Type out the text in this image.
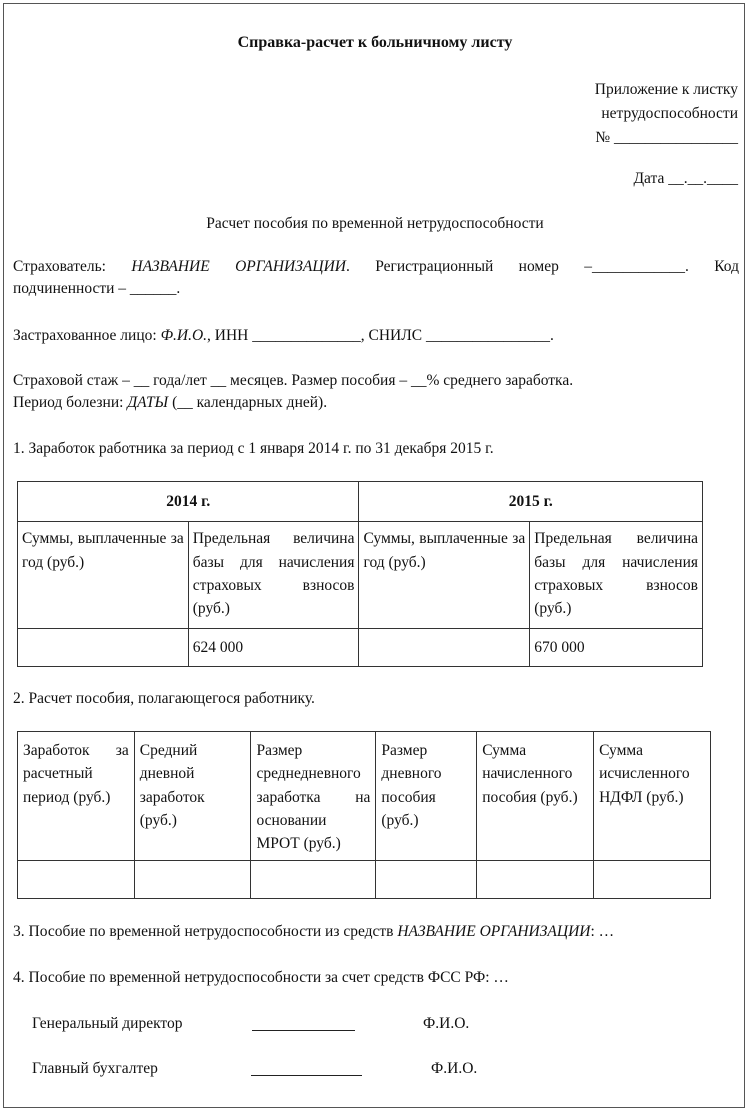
Справка-расчет к больничному листу
Приложение к листку
нетрудоспособности
№ ________________
Дата __.__.____
Расчет пособия по временной нетрудоспособности
Страхователь: НАЗВАНИЕ ОРГАНИЗАЦИИ. Регистрационный номер –____________. Код
подчиненности – ______.
Застрахованное лицо: Ф.И.О., ИНН ______________, СНИЛС ________________.
Страховой стаж – __ года/лет __ месяцев. Размер пособия – __% среднего заработка.
Период болезни: ДАТЫ (__ календарных дней).
1. Заработок работника за период с 1 января 2014 г. по 31 декабря 2015 г.
2014 г.		2015 г.	
Суммы, выплаченные за год (руб.)	Предельная величина базы для начисления страховых взносов (руб.)	Суммы, выплаченные за год (руб.)	Предельная величина базы для начисления страховых взносов (руб.)
	624 000		670 000
2. Расчет пособия, полагающегося работнику.
Заработок за расчетный период (руб.)	Средний дневной заработок (руб.)	Размер среднедневного заработка на основании МРОТ (руб.)	Размер дневного пособия (руб.)	Сумма начисленного пособия (руб.)	Сумма исчисленного НДФЛ (руб.)

3. Пособие по временной нетрудоспособности из средств НАЗВАНИЕ ОРГАНИЗАЦИИ: …
4. Пособие по временной нетрудоспособности за счет средств ФСС РФ: …
Генеральный директор	Ф.И.О.
Главный бухгалтер	Ф.И.О.
